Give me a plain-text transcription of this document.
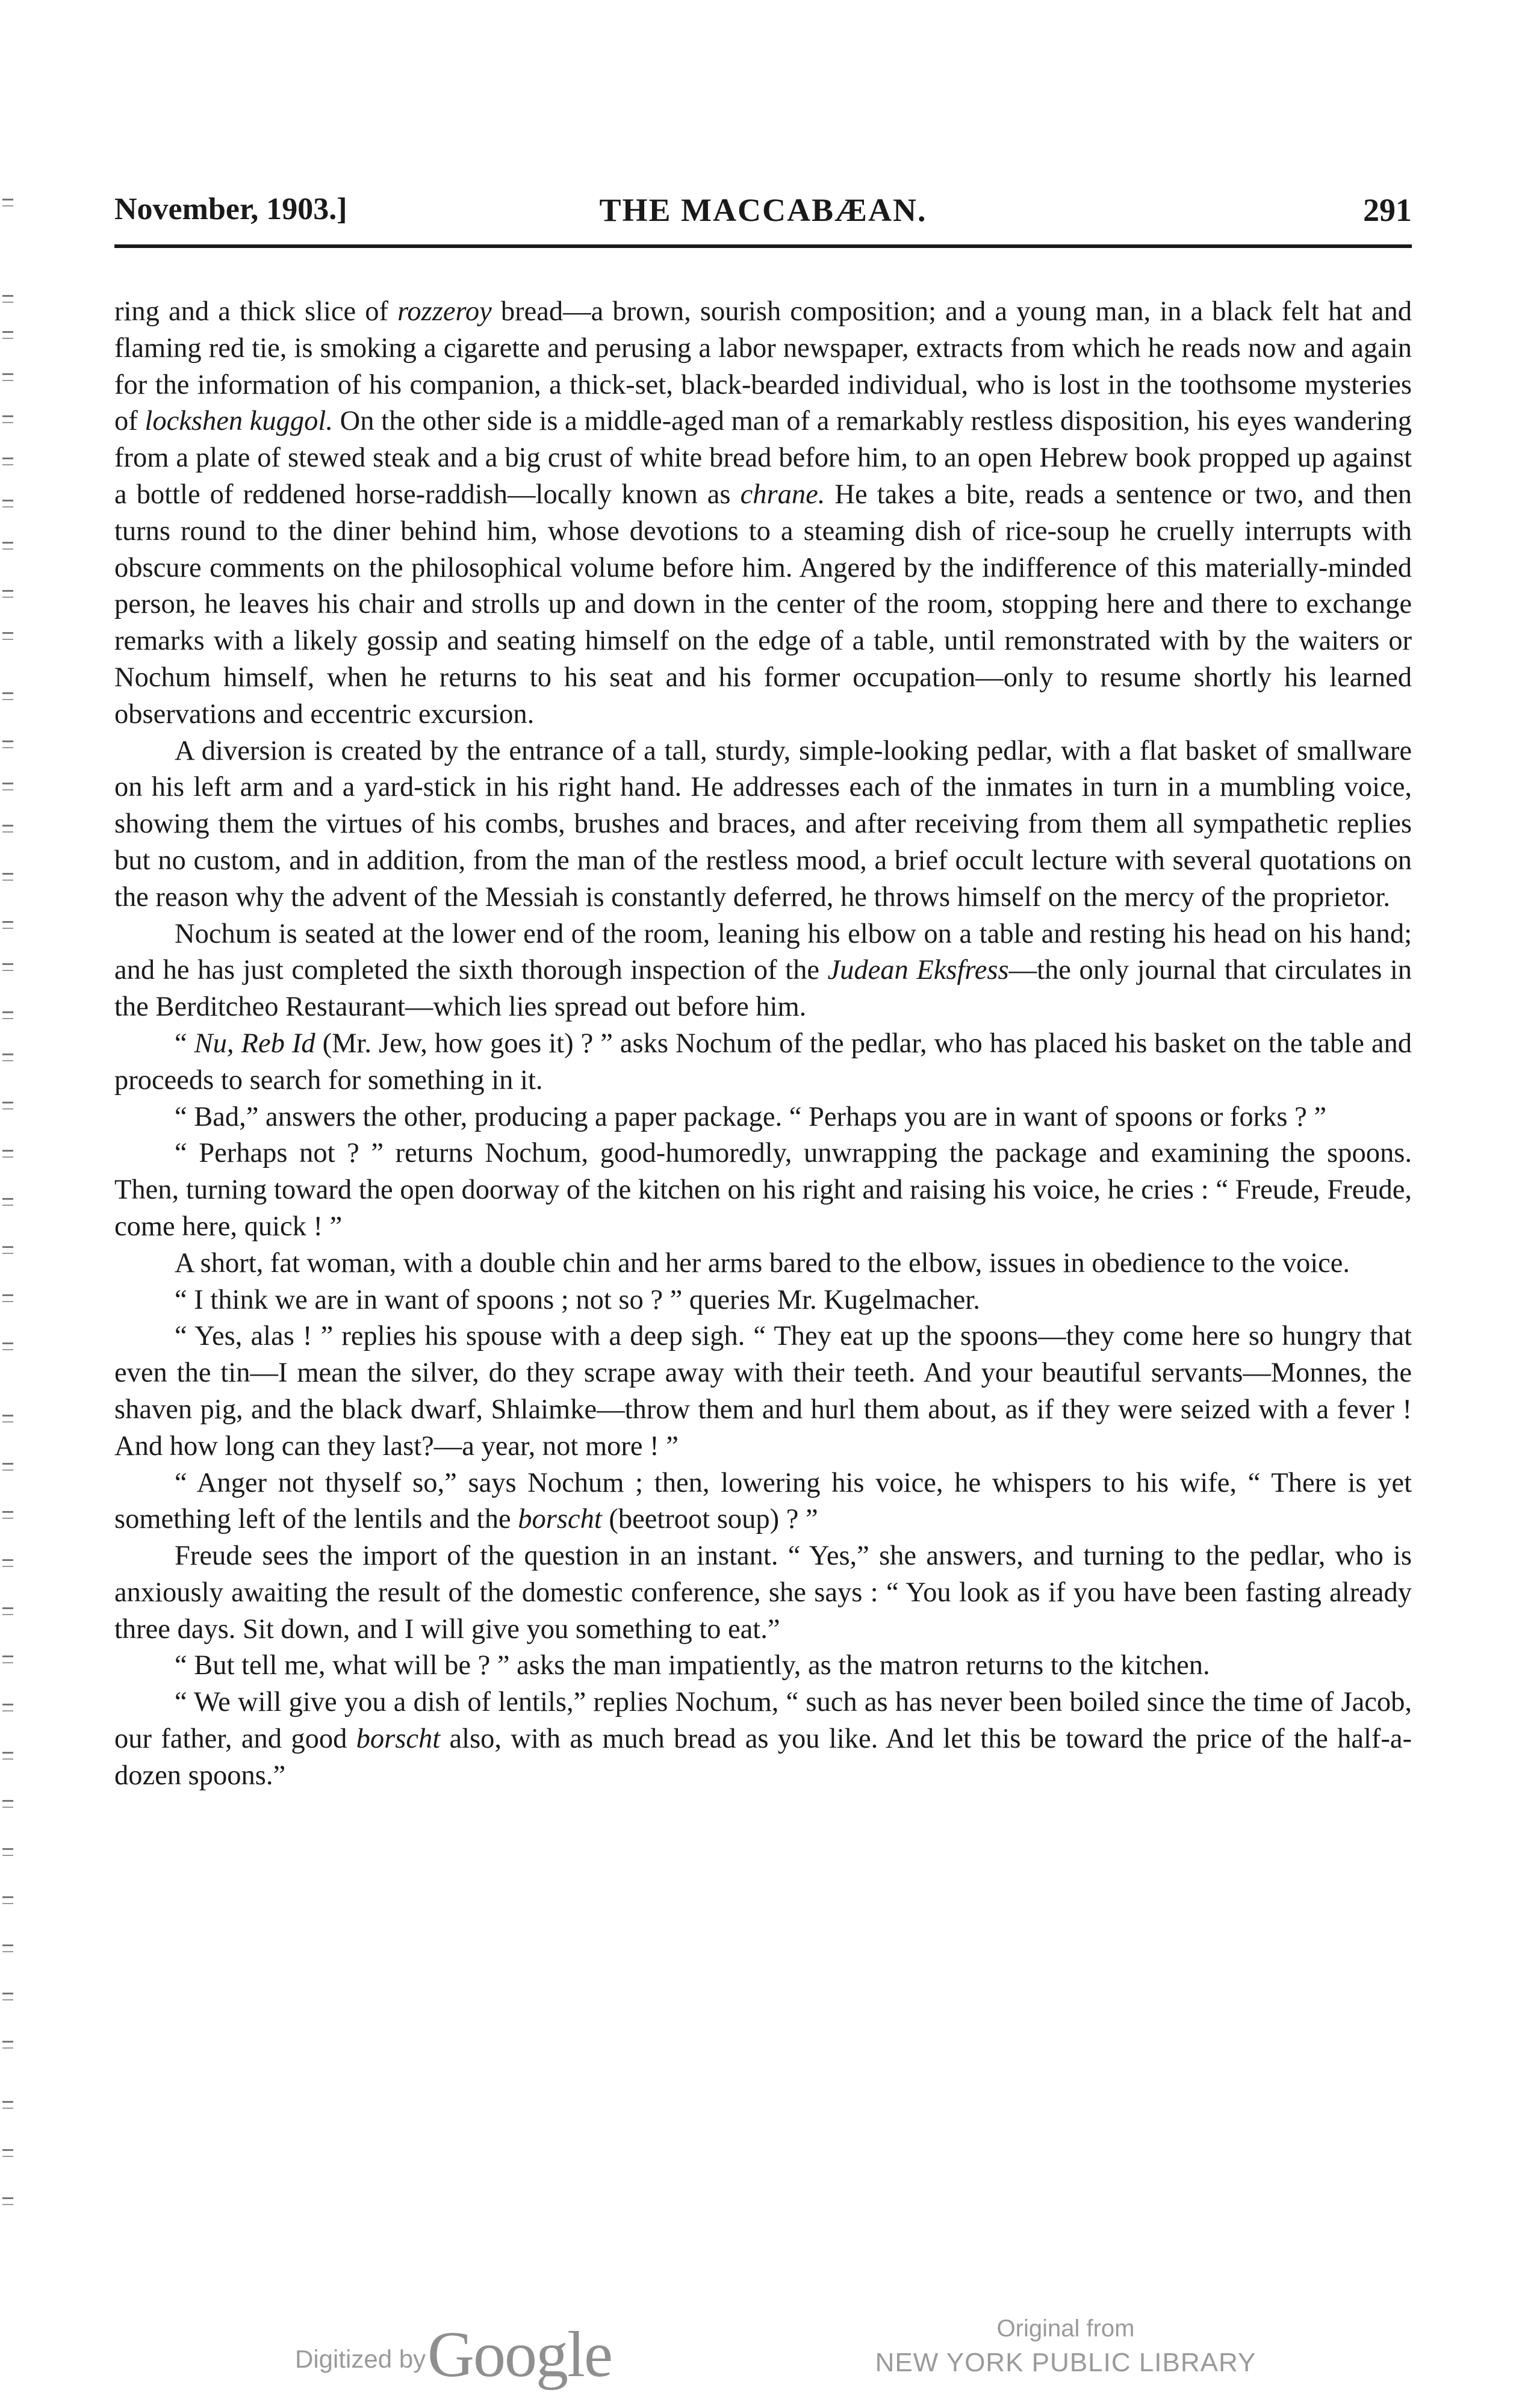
November, 1903.]	THE MACCABÆAN.	291

ring and a thick slice of rozzeroy bread—a brown, sourish composition; and a young man, in a black felt hat and flaming red tie, is smoking a cigarette and perusing a labor newspaper, extracts from which he reads now and again for the information of his companion, a thick-set, black-bearded individual, who is lost in the toothsome mysteries of lockshen kuggol. On the other side is a middle-aged man of a remarkably restless disposition, his eyes wandering from a plate of stewed steak and a big crust of white bread before him, to an open Hebrew book propped up against a bottle of reddened horse-raddish—locally known as chrane. He takes a bite, reads a sentence or two, and then turns round to the diner behind him, whose devotions to a steaming dish of rice-soup he cruelly interrupts with obscure comments on the philosophical volume before him. Angered by the indifference of this materially-minded person, he leaves his chair and strolls up and down in the center of the room, stopping here and there to exchange remarks with a likely gossip and seating himself on the edge of a table, until remonstrated with by the waiters or Nochum himself, when he returns to his seat and his former occupation—only to resume shortly his learned observations and eccentric excursion.

A diversion is created by the entrance of a tall, sturdy, simple-looking pedlar, with a flat basket of smallware on his left arm and a yard-stick in his right hand. He addresses each of the inmates in turn in a mumbling voice, showing them the virtues of his combs, brushes and braces, and after receiving from them all sympathetic replies but no custom, and in addition, from the man of the restless mood, a brief occult lecture with several quotations on the reason why the advent of the Messiah is constantly deferred, he throws himself on the mercy of the proprietor.

Nochum is seated at the lower end of the room, leaning his elbow on a table and resting his head on his hand; and he has just completed the sixth thorough inspection of the Judean Eksfress—the only journal that circulates in the Berditcheo Restaurant—which lies spread out before him.

“ Nu, Reb Id (Mr. Jew, how goes it) ? ” asks Nochum of the pedlar, who has placed his basket on the table and proceeds to search for something in it.

“ Bad,” answers the other, producing a paper package. “ Perhaps you are in want of spoons or forks ? ”

“ Perhaps not ? ” returns Nochum, good-humoredly, unwrapping the package and examining the spoons. Then, turning toward the open doorway of the kitchen on his right and raising his voice, he cries : “ Freude, Freude, come here, quick ! ”

A short, fat woman, with a double chin and her arms bared to the elbow, issues in obedience to the voice.

“ I think we are in want of spoons ; not so ? ” queries Mr. Kugelmacher.

“ Yes, alas ! ” replies his spouse with a deep sigh. “ They eat up the spoons—they come here so hungry that even the tin—I mean the silver, do they scrape away with their teeth. And your beautiful servants—Monnes, the shaven pig, and the black dwarf, Shlaimke—throw them and hurl them about, as if they were seized with a fever ! And how long can they last?—a year, not more ! ”

“ Anger not thyself so,” says Nochum ; then, lowering his voice, he whispers to his wife, “ There is yet something left of the lentils and the borscht (beetroot soup) ? ”

Freude sees the import of the question in an instant. “ Yes,” she answers, and turning to the pedlar, who is anxiously awaiting the result of the domestic conference, she says : “ You look as if you have been fasting already three days. Sit down, and I will give you something to eat.”

“ But tell me, what will be ? ” asks the man impatiently, as the matron returns to the kitchen.

“ We will give you a dish of lentils,” replies Nochum, “ such as has never been boiled since the time of Jacob, our father, and good borscht also, with as much bread as you like. And let this be toward the price of the half-a-dozen spoons.”

Digitized by Google	Original from
NEW YORK PUBLIC LIBRARY
